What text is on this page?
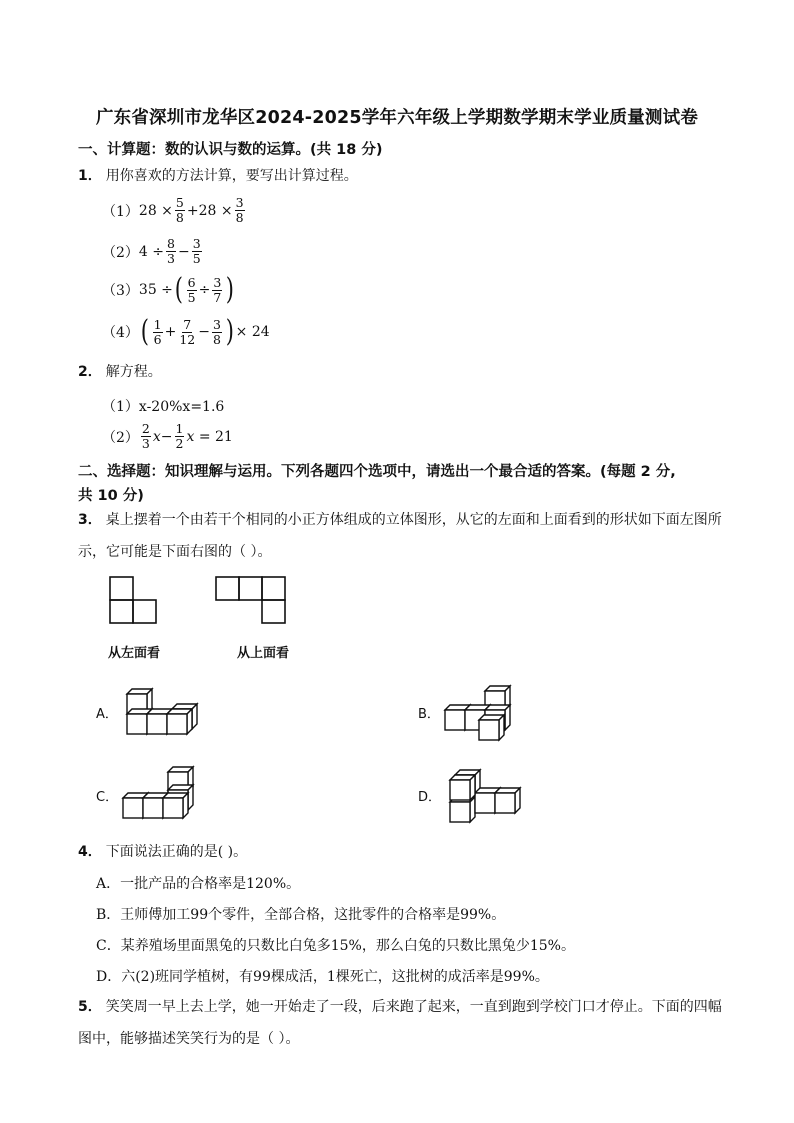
广东省深圳市龙华区2024-2025学年六年级上学期数学期末学业质量测试卷
一、计算题：数的认识与数的运算。(共 18 分)
1． 用你喜欢的方法计算，要写出计算过程。
（1） $28 \times \frac{5}{8} +28 \times \frac{3}{8}$
（2） $4 \div \frac{8}{3} - \frac{3}{5}$
（3） 35 ÷ ( $\frac{6}{5} \div \frac{3}{7}$ )
（4） ( $\frac{1}{6} + \frac{7}{12} - \frac{3}{8}$ ) × 24
2． 解方程。
（1）x-20%x=1.6
$(2) \frac{2}{3} x- \frac{1}{2}$ x = 21
二、选择题：知识理解与运用。下列各题四个选项中，请选出一个最合适的答案。(每题 2 分,
共 10 分)
3． 桌上摆着一个由若干个相同的小正方体组成的立体图形，从它的左面和上面看到的形状如下面左图所
示，它可能是下面右图的（ ）。
从左面看	从上面看
A．	B．
C．	D．
4． 下面说法正确的是( )。
A．一批产品的合格率是120%。
B．王师傅加工99个零件，全部合格，这批零件的合格率是99%。
C．某养殖场里面黑兔的只数比白兔多15%，那么白兔的只数比黑兔少15%。
D．六(2)班同学植树，有99棵成活，1棵死亡，这批树的成活率是99%。
5． 笑笑周一早上去上学，她一开始走了一段，后来跑了起来，一直到跑到学校门口才停止。下面的四幅
图中，能够描述笑笑行为的是（ ）。
